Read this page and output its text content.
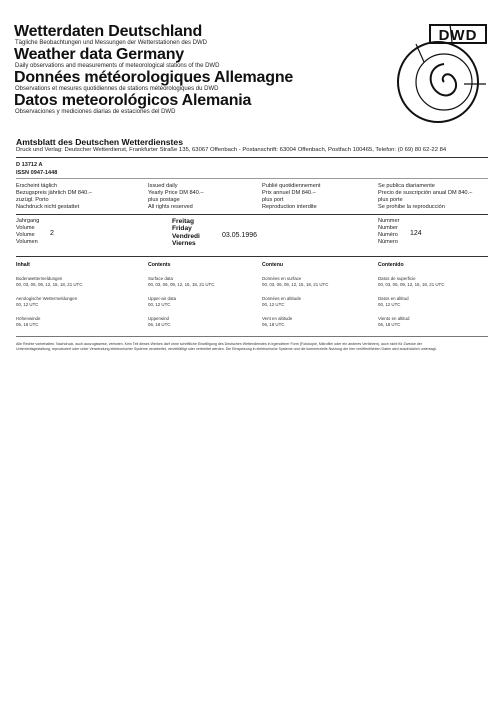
Wetterdaten Deutschland
Tägliche Beobachtungen und Messungen der Wetterstationen des DWD
Weather data Germany
Daily observations and measurements of meteorological stations of the DWD
Données météorologiques Allemagne
Observations et mesures quotidiennes de stations météorologiques du DWD
Datos meteorológicos Alemania
Observaciones y mediciones diarias de estaciones del DWD
DWD
Amtsblatt des Deutschen Wetterdienstes
Druck und Verlag: Deutscher Wetterdienst, Frankfurter Straße 135, 63067 Offenbach - Postanschrift: 63004 Offenbach, Postfach 100465, Telefon: (0 69) 80 62-22 84
D 13712 A
ISSN 0947-1448
Erscheint täglich
Bezugspreis jährlich DM 840.–
zuzügl. Porto
Nachdruck nicht gestattet
Issued daily
Yearly Price DM 840.–
plus postage
All rights reserved
Publié quotidiennement
Prix annuel DM 840.–
plus port
Reproduction interdite
Se publica diariamente
Precio de suscripción anual DM 840.–
plus porte
Se prohibe la reproducción
Jahrgang
Volume
Volume
Volumen
2
Freitag
Friday
Vendredi
Viernes
03.05.1996
Nummer
Number
Numéro
Número
124
Inhalt
Bodenwettermeldungen
00, 03, 06, 09, 12, 15, 18, 21 UTC
Aerologische Wettermeldungen
00, 12 UTC
Höhenwinde
06, 18 UTC
Contents
Surface data
00, 03, 06, 09, 12, 15, 18, 21 UTC
Upper-air data
00, 12 UTC
Upperwind
06, 18 UTC
Contenu
Données en surface
00, 03, 06, 09, 12, 15, 18, 21 UTC
Données en altitude
00, 12 UTC
Vent en altitude
06, 18 UTC
Contenido
Datos de superficie
00, 03, 06, 09, 12, 15, 18, 21 UTC
Datos en altitud
00, 12 UTC
Viento en altitud
06, 18 UTC
Alle Rechte vorbehalten. Nachdruck, auch auszugsweise, verboten. Kein Teil dieses Werkes darf ohne schriftliche Einwilligung des Deutschen Wetterdienstes in irgendeiner Form (Fotokopie, Mikrofilm oder ein anderes Verfahren), auch nicht für Zwecke der
Unterrichtsgestaltung, reproduziert oder unter Verwendung elektronischer Systeme verarbeitet, vervielfältigt oder verbreitet werden. Die Einspeisung in elektronische Systeme und die kommerzielle Nutzung der hier veröffentlichten Daten wird ausdrücklich untersagt.
